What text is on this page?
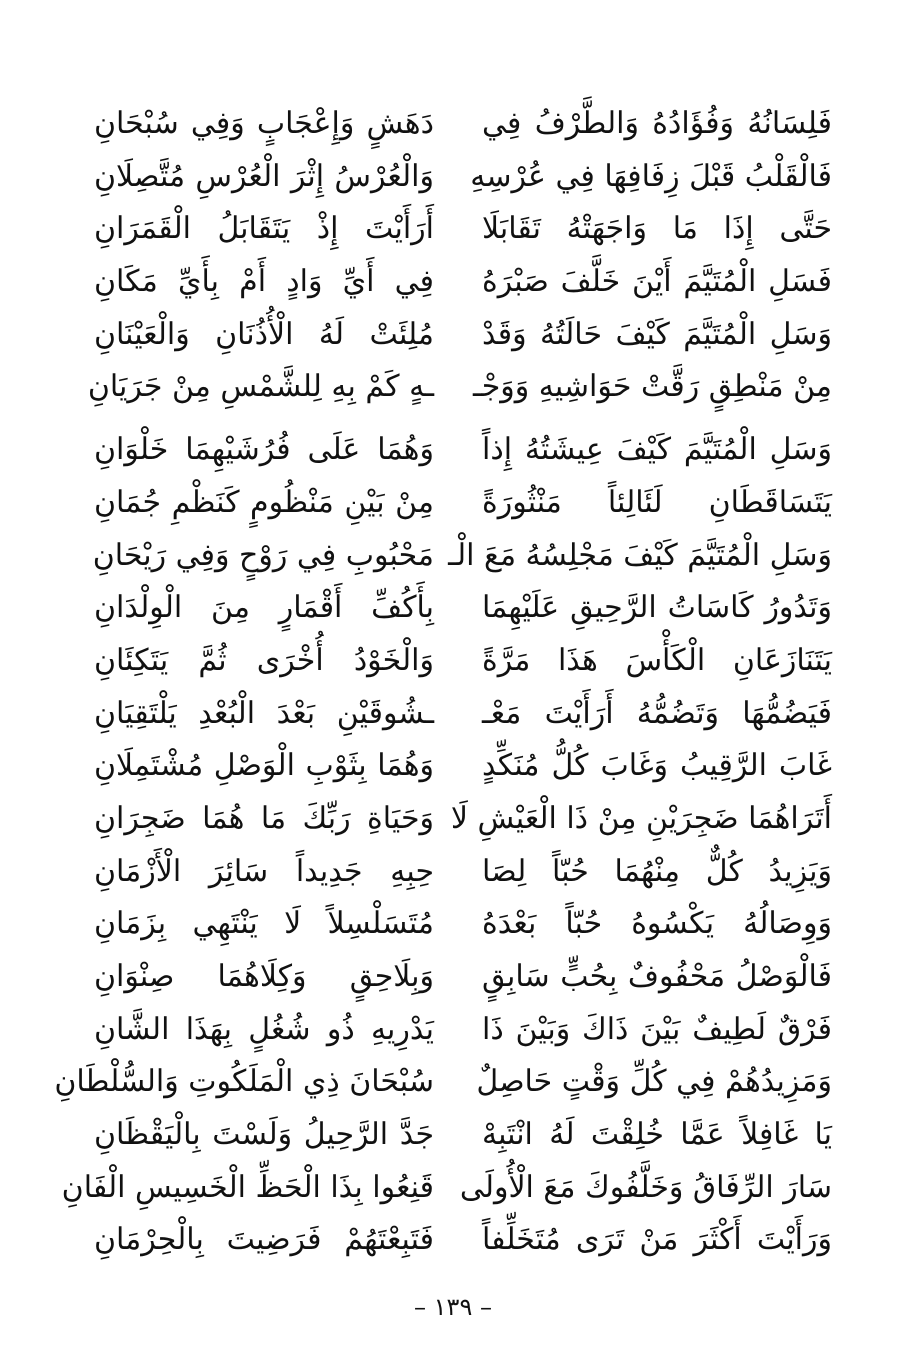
فَلِسَانُهُ وَفُؤَادُهُ وَالطَّرْفُ فِي
دَهَشٍ وَإِعْجَابٍ وَفِي سُبْحَانِ
فَالْقَلْبُ قَبْلَ زِفَافِهَا فِي عُرْسِهِ
وَالْعُرْسُ إِثْرَ الْعُرْسِ مُتَّصِلَانِ
حَتَّى إِذَا مَا وَاجَهَتْهُ تَقَابَلَا
أَرَأَيْتَ إِذْ يَتَقَابَلُ الْقَمَرَانِ
فَسَلِ الْمُتَيَّمَ أَيْنَ خَلَّفَ صَبْرَهُ
فِي أَيِّ وَادٍ أَمْ بِأَيِّ مَكَانِ
وَسَلِ الْمُتَيَّمَ كَيْفَ حَالَتُهُ وَقَدْ
مُلِئَتْ لَهُ الْأُذُنَانِ وَالْعَيْنَانِ
مِنْ مَنْطِقٍ رَقَّتْ حَوَاشِيهِ وَوَجْـ
ـهٍ كَمْ بِهِ لِلشَّمْسِ مِنْ جَرَيَانِ
وَسَلِ الْمُتَيَّمَ كَيْفَ عِيشَتُهُ إِذاً
وَهُمَا عَلَى فُرُشَيْهِمَا خَلْوَانِ
يَتَسَاقَطَانِ لَئَالِئاً مَنْثُورَةً
مِنْ بَيْنِ مَنْظُومٍ كَنَظْمِ جُمَانِ
وَسَلِ الْمُتَيَّمَ كَيْفَ مَجْلِسُهُ مَعَ الْـ
مَحْبُوبِ فِي رَوْحٍ وَفِي رَيْحَانِ
وَتَدُورُ كَاسَاتُ الرَّحِيقِ عَلَيْهِمَا
بِأَكُفِّ أَقْمَارٍ مِنَ الْوِلْدَانِ
يَتَنَازَعَانِ الْكَأْسَ هَذَا مَرَّةً
وَالْخَوْدُ أُخْرَى ثُمَّ يَتَكِئَانِ
فَيَضُمُّهَا وَتَضُمُّهُ أَرَأَيْتَ مَعْـ
ـشُوقَيْنِ بَعْدَ الْبُعْدِ يَلْتَقِيَانِ
غَابَ الرَّقِيبُ وَغَابَ كُلُّ مُنَكِّدٍ
وَهُمَا بِثَوْبِ الْوَصْلِ مُشْتَمِلَانِ
أَتَرَاهُمَا ضَجِرَيْنِ مِنْ ذَا الْعَيْشِ لَا
وَحَيَاةِ رَبِّكَ مَا هُمَا ضَجِرَانِ
وَيَزِيدُ كُلٌّ مِنْهُمَا حُبّاً لِصَا
حِبِهِ جَدِيداً سَائِرَ الْأَزْمَانِ
وَوِصَالُهُ يَكْسُوهُ حُبّاً بَعْدَهُ
مُتَسَلْسِلاً لَا يَنْتَهِي بِزَمَانِ
فَالْوَصْلُ مَحْفُوفٌ بِحُبٍّ سَابِقٍ
وَبِلَاحِقٍ وَكِلَاهُمَا صِنْوَانِ
فَرْقٌ لَطِيفٌ بَيْنَ ذَاكَ وَبَيْنَ ذَا
يَدْرِيهِ ذُو شُغُلٍ بِهَذَا الشَّانِ
وَمَزِيدُهُمْ فِي كُلِّ وَقْتٍ حَاصِلٌ
سُبْحَانَ ذِي الْمَلَكُوتِ وَالسُّلْطَانِ
يَا غَافِلاً عَمَّا خُلِقْتَ لَهُ انْتَبِهْ
جَدَّ الرَّحِيلُ وَلَسْتَ بِالْيَقْظَانِ
سَارَ الرِّفَاقُ وَخَلَّفُوكَ مَعَ الْأُولَى
قَنِعُوا بِذَا الْحَظِّ الْخَسِيسِ الْفَانِ
وَرَأَيْتَ أَكْثَرَ مَنْ تَرَى مُتَخَلِّفاً
فَتَبِعْتَهُمْ فَرَضِيتَ بِالْحِرْمَانِ
– ١٣٩ –
